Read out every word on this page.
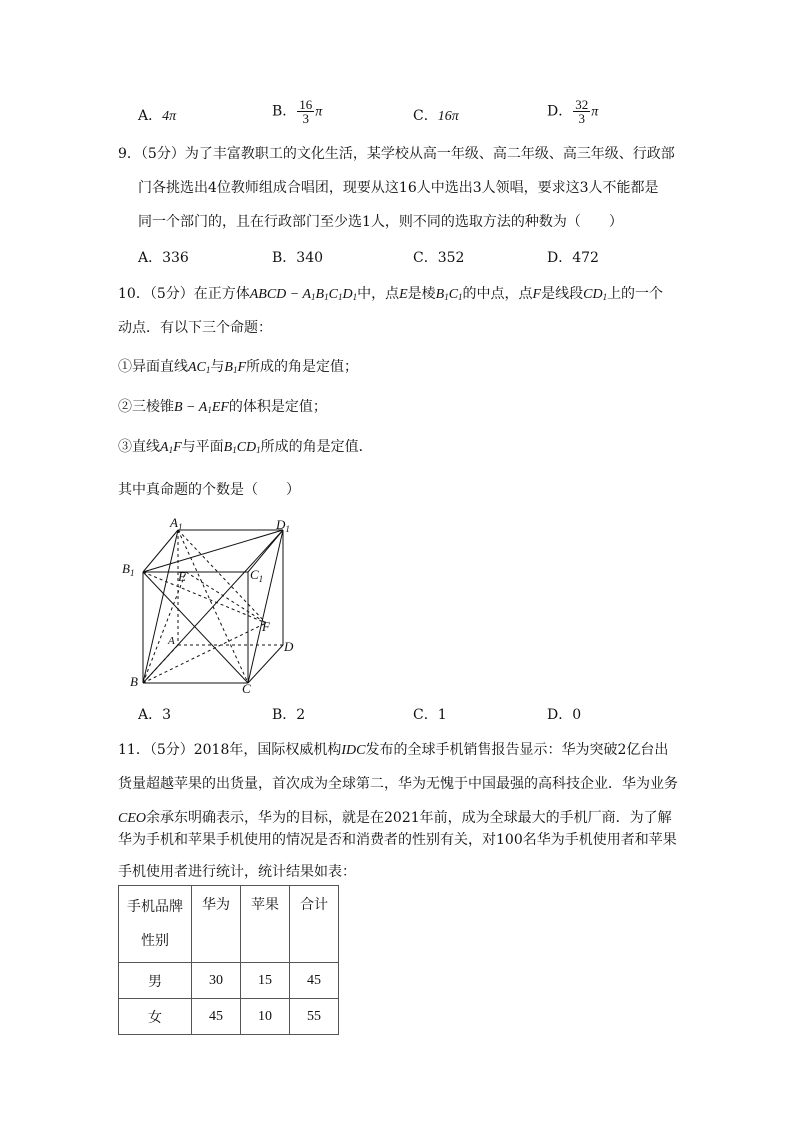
A．4π	B． $\frac{16}{3}$ π	C．16π	D． $\frac{32}{3}$ π
9．（5分）为了丰富教职工的文化生活，某学校从高一年级、高二年级、高三年级、行政部
门各挑选出4位教师组成合唱团，现要从这16人中选出3人领唱，要求这3人不能都是
同一个部门的，且在行政部门至少选1人，则不同的选取方法的种数为（　　）
A．336	B．340	C．352	D．472
10．（5分）在正方体ABCD − $A_1B_1C_1D_1$中，点E是棱$B_1C_1$的中点，点F是线段$CD_1$上的一个
动点．有以下三个命题：
①异面直线$AC_1$与$B_1F$所成的角是定值；
②三棱锥$B - A_1EF$的体积是定值；
③直线$A_1F$与平面$B_1CD_1$所成的角是定值．
其中真命题的个数是（　　）
$A_1$	$D_1$
$B_1$	$C_1$
E
A
F
D
B	C
A．3	B．2	C．1	D．0
11．（5分）2018年，国际权威机构IDC发布的全球手机销售报告显示：华为突破2亿台出
货量超越苹果的出货量，首次成为全球第二，华为无愧于中国最强的高科技企业．华为业务
CEO余承东明确表示，华为的目标，就是在2021年前，成为全球最大的手机厂商．为了解
华为手机和苹果手机使用的情况是否和消费者的性别有关，对100名华为手机使用者和苹果
手机使用者进行统计，统计结果如表：
手机品牌
性别	华为	苹果	合计
男	30	15	45
女	45	10	55
